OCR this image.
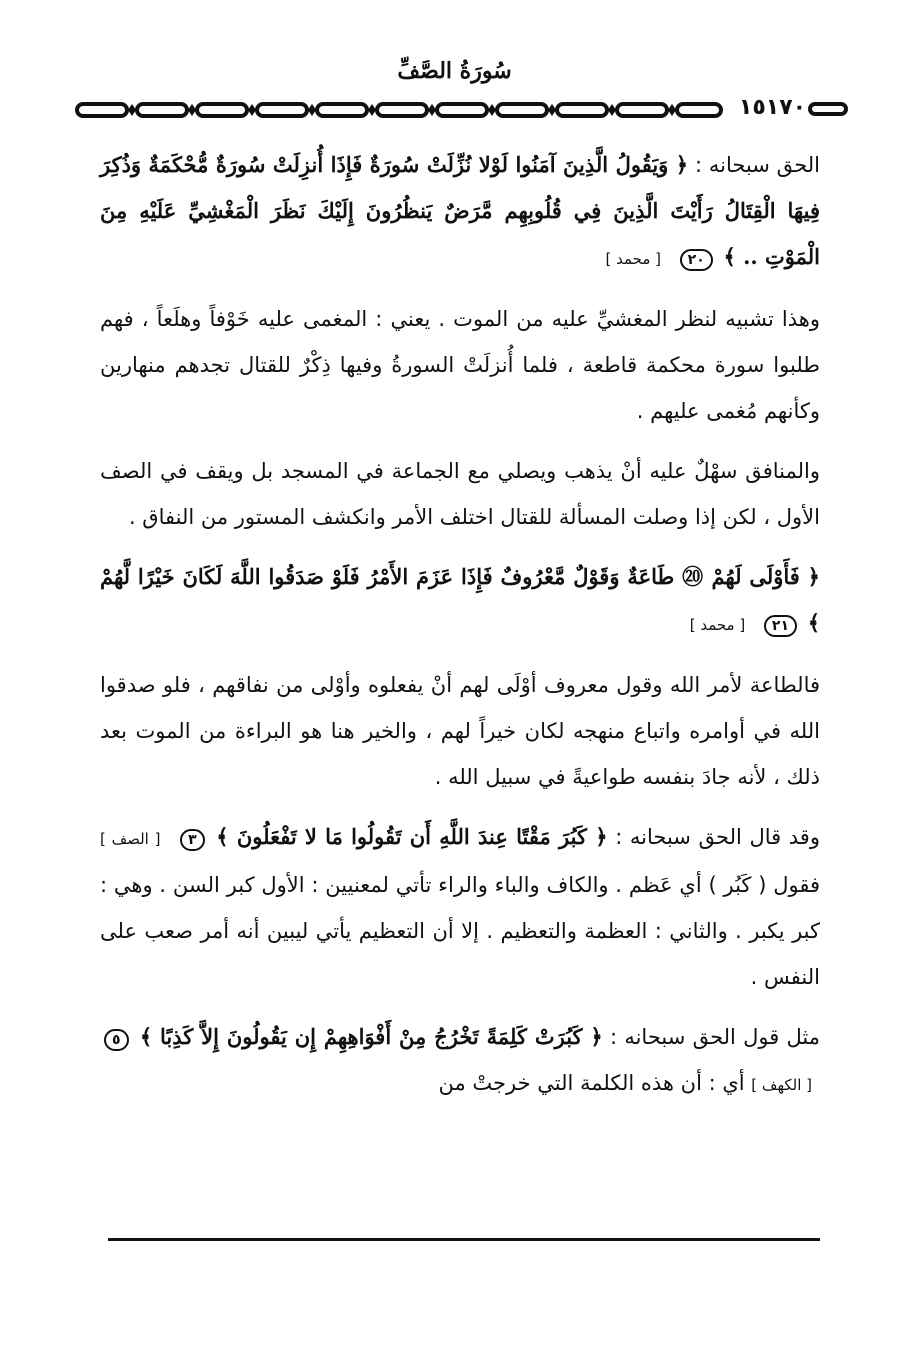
سُورَةُ الصَّفِّ
١٥١٧٠

الحق سبحانه : ﴿ وَيَقُولُ الَّذِينَ آمَنُوا لَوْلا نُزِّلَتْ سُورَةٌ فَإِذَا أُنزِلَتْ سُورَةٌ مُّحْكَمَةٌ وَذُكِرَ فِيهَا الْقِتَالُ رَأَيْتَ الَّذِينَ فِي قُلُوبِهِم مَّرَضٌ يَنظُرُونَ إِلَيْكَ نَظَرَ الْمَغْشِيِّ عَلَيْهِ مِنَ الْمَوْتِ .. ﴾ ٢٠ [ محمد ]

وهذا تشبيه لنظر المغشيِّ عليه من الموت . يعني : المغمى عليه خَوْفاً وهلَعاً ، فهم طلبوا سورة محكمة قاطعة ، فلما أُنزلَتْ السورةُ وفيها ذِكْرٌ للقتال تجدهم منهارين وكأنهم مُغمى عليهم .

والمنافق سهْلٌ عليه أنْ يذهب ويصلي مع الجماعة في المسجد بل ويقف في الصف الأول ، لكن إذا وصلت المسألة للقتال اختلف الأمر وانكشف المستور من النفاق .

﴿ فَأَوْلَى لَهُمْ ⑳ طَاعَةٌ وَقَوْلٌ مَّعْرُوفٌ فَإِذَا عَزَمَ الأَمْرُ فَلَوْ صَدَقُوا اللَّهَ لَكَانَ خَيْرًا لَّهُمْ ﴾ ٢١ [ محمد ]

فالطاعة لأمر الله وقول معروف أوْلَى لهم أنْ يفعلوه وأوْلى من نفاقهم ، فلو صدقوا الله في أوامره واتباع منهجه لكان خيراً لهم ، والخير هنا هو البراءة من الموت بعد ذلك ، لأنه جادَ بنفسه طواعيةً في سبيل الله .

وقد قال الحق سبحانه : ﴿ كَبُرَ مَقْتًا عِندَ اللَّهِ أَن تَقُولُوا مَا لا تَفْعَلُونَ ﴾ ٣ [ الصف ] فقول ( كَبُر ) أي عَظم . والكاف والباء والراء تأتي لمعنيين : الأول كبر السن . وهي : كبر يكبر . والثاني : العظمة والتعظيم . إلا أن التعظيم يأتي ليبين أنه أمر صعب على النفس .

مثل قول الحق سبحانه : ﴿ كَبُرَتْ كَلِمَةً تَخْرُجُ مِنْ أَفْوَاهِهِمْ إِن يَقُولُونَ إِلاَّ كَذِبًا ﴾ ٥ [ الكهف ] أي : أن هذه الكلمة التي خرجتْ من
